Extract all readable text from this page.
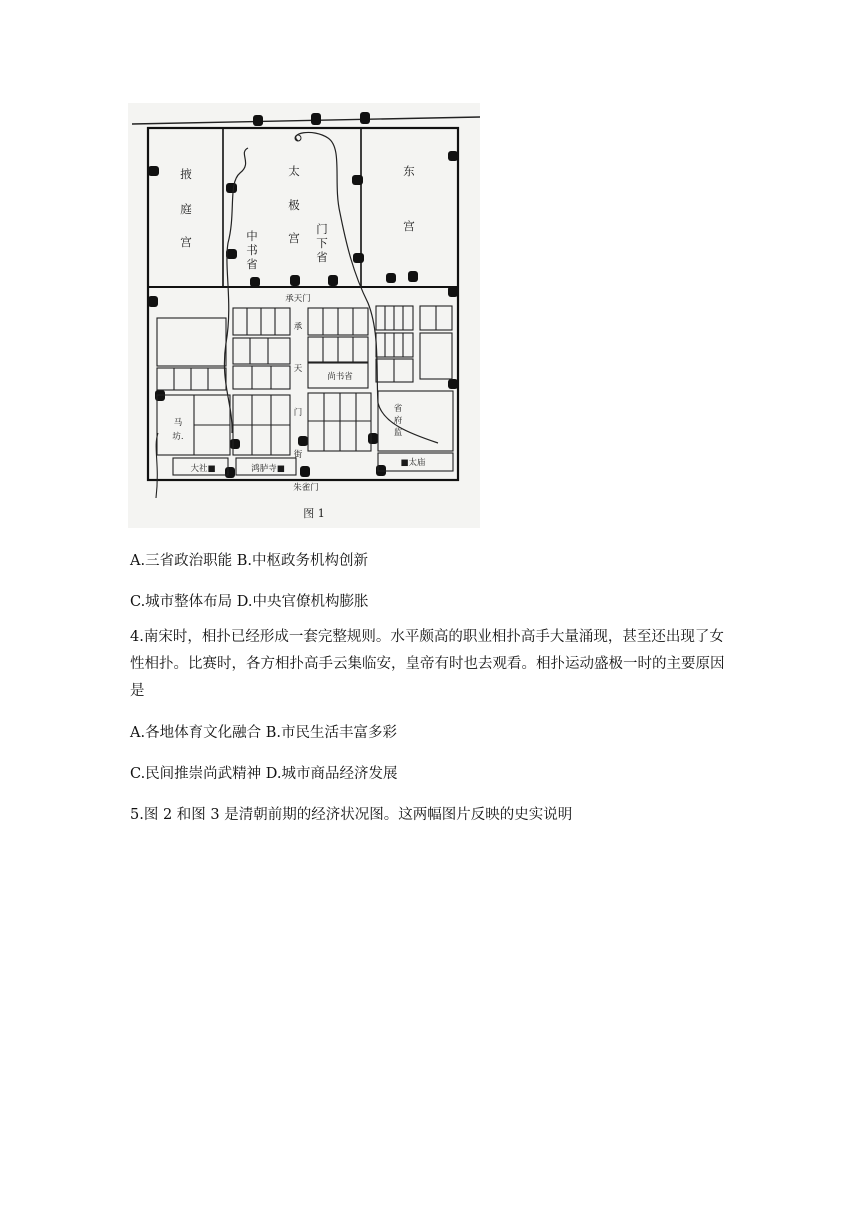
掖
庭
宫
太
极
宫
中
书
省
门
下
省
东
宫
承天门
承
天
门
街
尚书省
马
坊.
省
府
监
大社■	鸿胪寺■
■太庙
朱雀门
图 1
A.三省政治职能 B.中枢政务机构创新
C.城市整体布局 D.中央官僚机构膨胀
4.南宋时，相扑已经形成一套完整规则。水平颇高的职业相扑高手大量涌现，甚至还出现了女性相扑。比赛时，各方相扑高手云集临安，皇帝有时也去观看。相扑运动盛极一时的主要原因是
A.各地体育文化融合 B.市民生活丰富多彩
C.民间推崇尚武精神 D.城市商品经济发展
5.图 2 和图 3 是清朝前期的经济状况图。这两幅图片反映的史实说明
